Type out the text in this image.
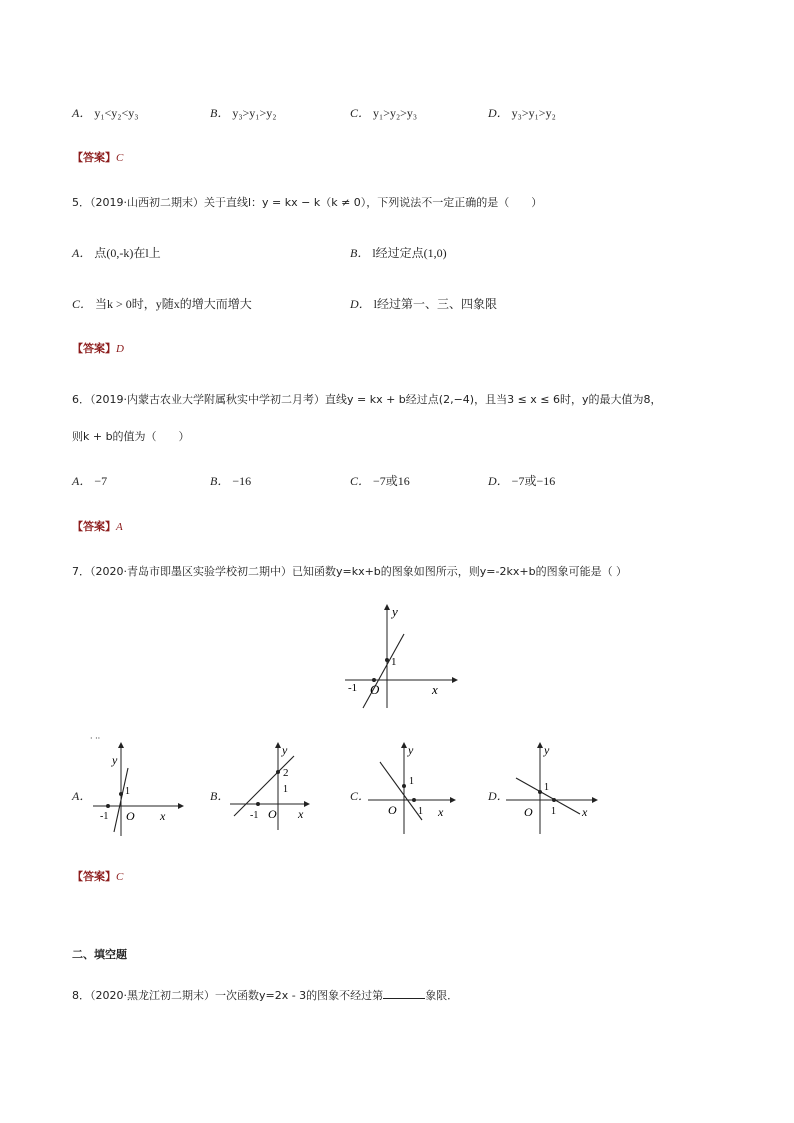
A． y₁<y₂<y₃	B． y₃>y₁>y₂	C． y₁>y₂>y₃	D． y₃>y₁>y₂
【答案】C
5．（2019·山西初二期末）关于直线l：y = kx − k（k ≠ 0），下列说法不一定正确的是（　　）
A． 点(0,-k)在l上	B． l经过定点(1,0)
C． 当k > 0时，y随x的增大而增大	D． l经过第一、三、四象限
【答案】D
6．（2019·内蒙古农业大学附属秋实中学初二月考）直线y = kx + b经过点(2,−4)，且当3 ≤ x ≤ 6时，y的最大值为8，
则k + b的值为（　　）
A． −7	B． −16	C． −7或16	D． −7或−16
【答案】A
7．（2020·青岛市即墨区实验学校初二期中）已知函数y=kx+b的图象如图所示，则y=-2kx+b的图象可能是（ ）
y
x
O
-1
1
· ··
A．
y
x
O
-1
1	B．
y
x
O
-1
1
2
C．
y
x
O
1
1
D．
y
x
O
1
1
【答案】C
二、填空题
8．（2020·黑龙江初二期末）一次函数y=2x - 3的图象不经过第	象限．
